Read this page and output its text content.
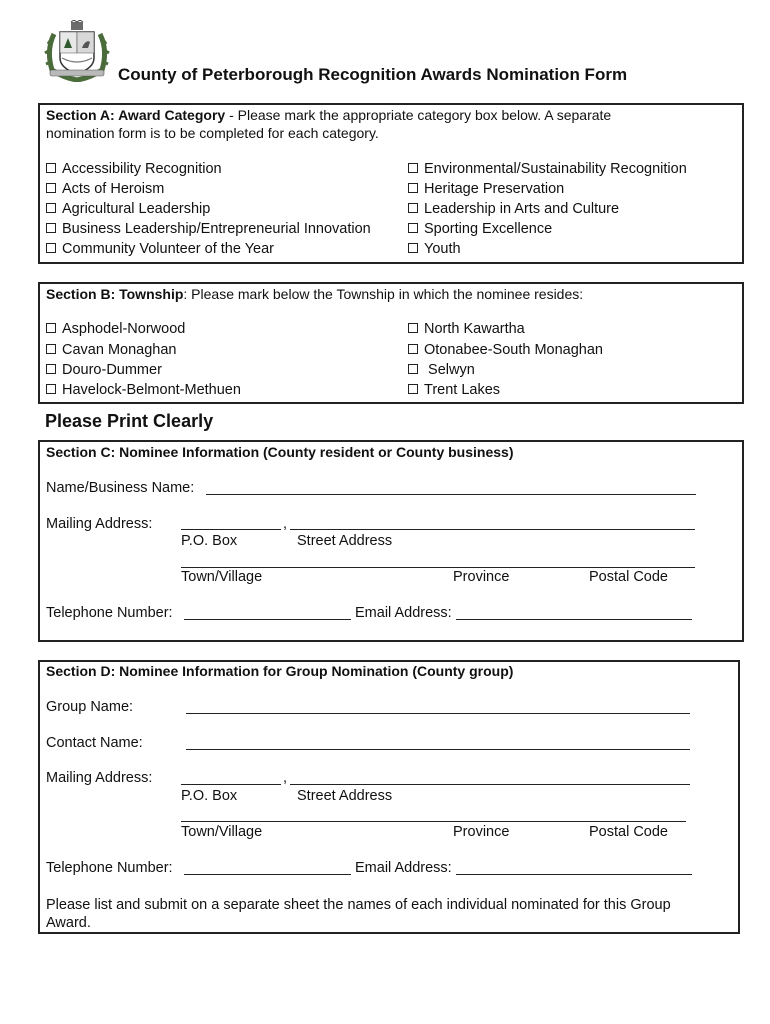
County of Peterborough Recognition Awards Nomination Form
Section A: Award Category - Please mark the appropriate category box below. A separate
nomination form is to be completed for each category.
Accessibility Recognition
Acts of Heroism
Agricultural Leadership
Business Leadership/Entrepreneurial Innovation
Community Volunteer of the Year
Environmental/Sustainability Recognition
Heritage Preservation
Leadership in Arts and Culture
Sporting Excellence
Youth
Section B: Township: Please mark below the Township in which the nominee resides:
Asphodel-Norwood
Cavan Monaghan
Douro-Dummer
Havelock-Belmont-Methuen
North Kawartha
Otonabee-South Monaghan
Selwyn
Trent Lakes
Please Print Clearly
Section C: Nominee Information (County resident or County business)
Name/Business Name:
Mailing Address:	,
P.O. Box	Street Address
Town/Village	Province	Postal Code
Telephone Number:	Email Address:
Section D: Nominee Information for Group Nomination (County group)
Group Name:
Contact Name:
Mailing Address:	,
P.O. Box	Street Address
Town/Village	Province	Postal Code
Telephone Number:	Email Address:
Please list and submit on a separate sheet the names of each individual nominated for this Group Award.
